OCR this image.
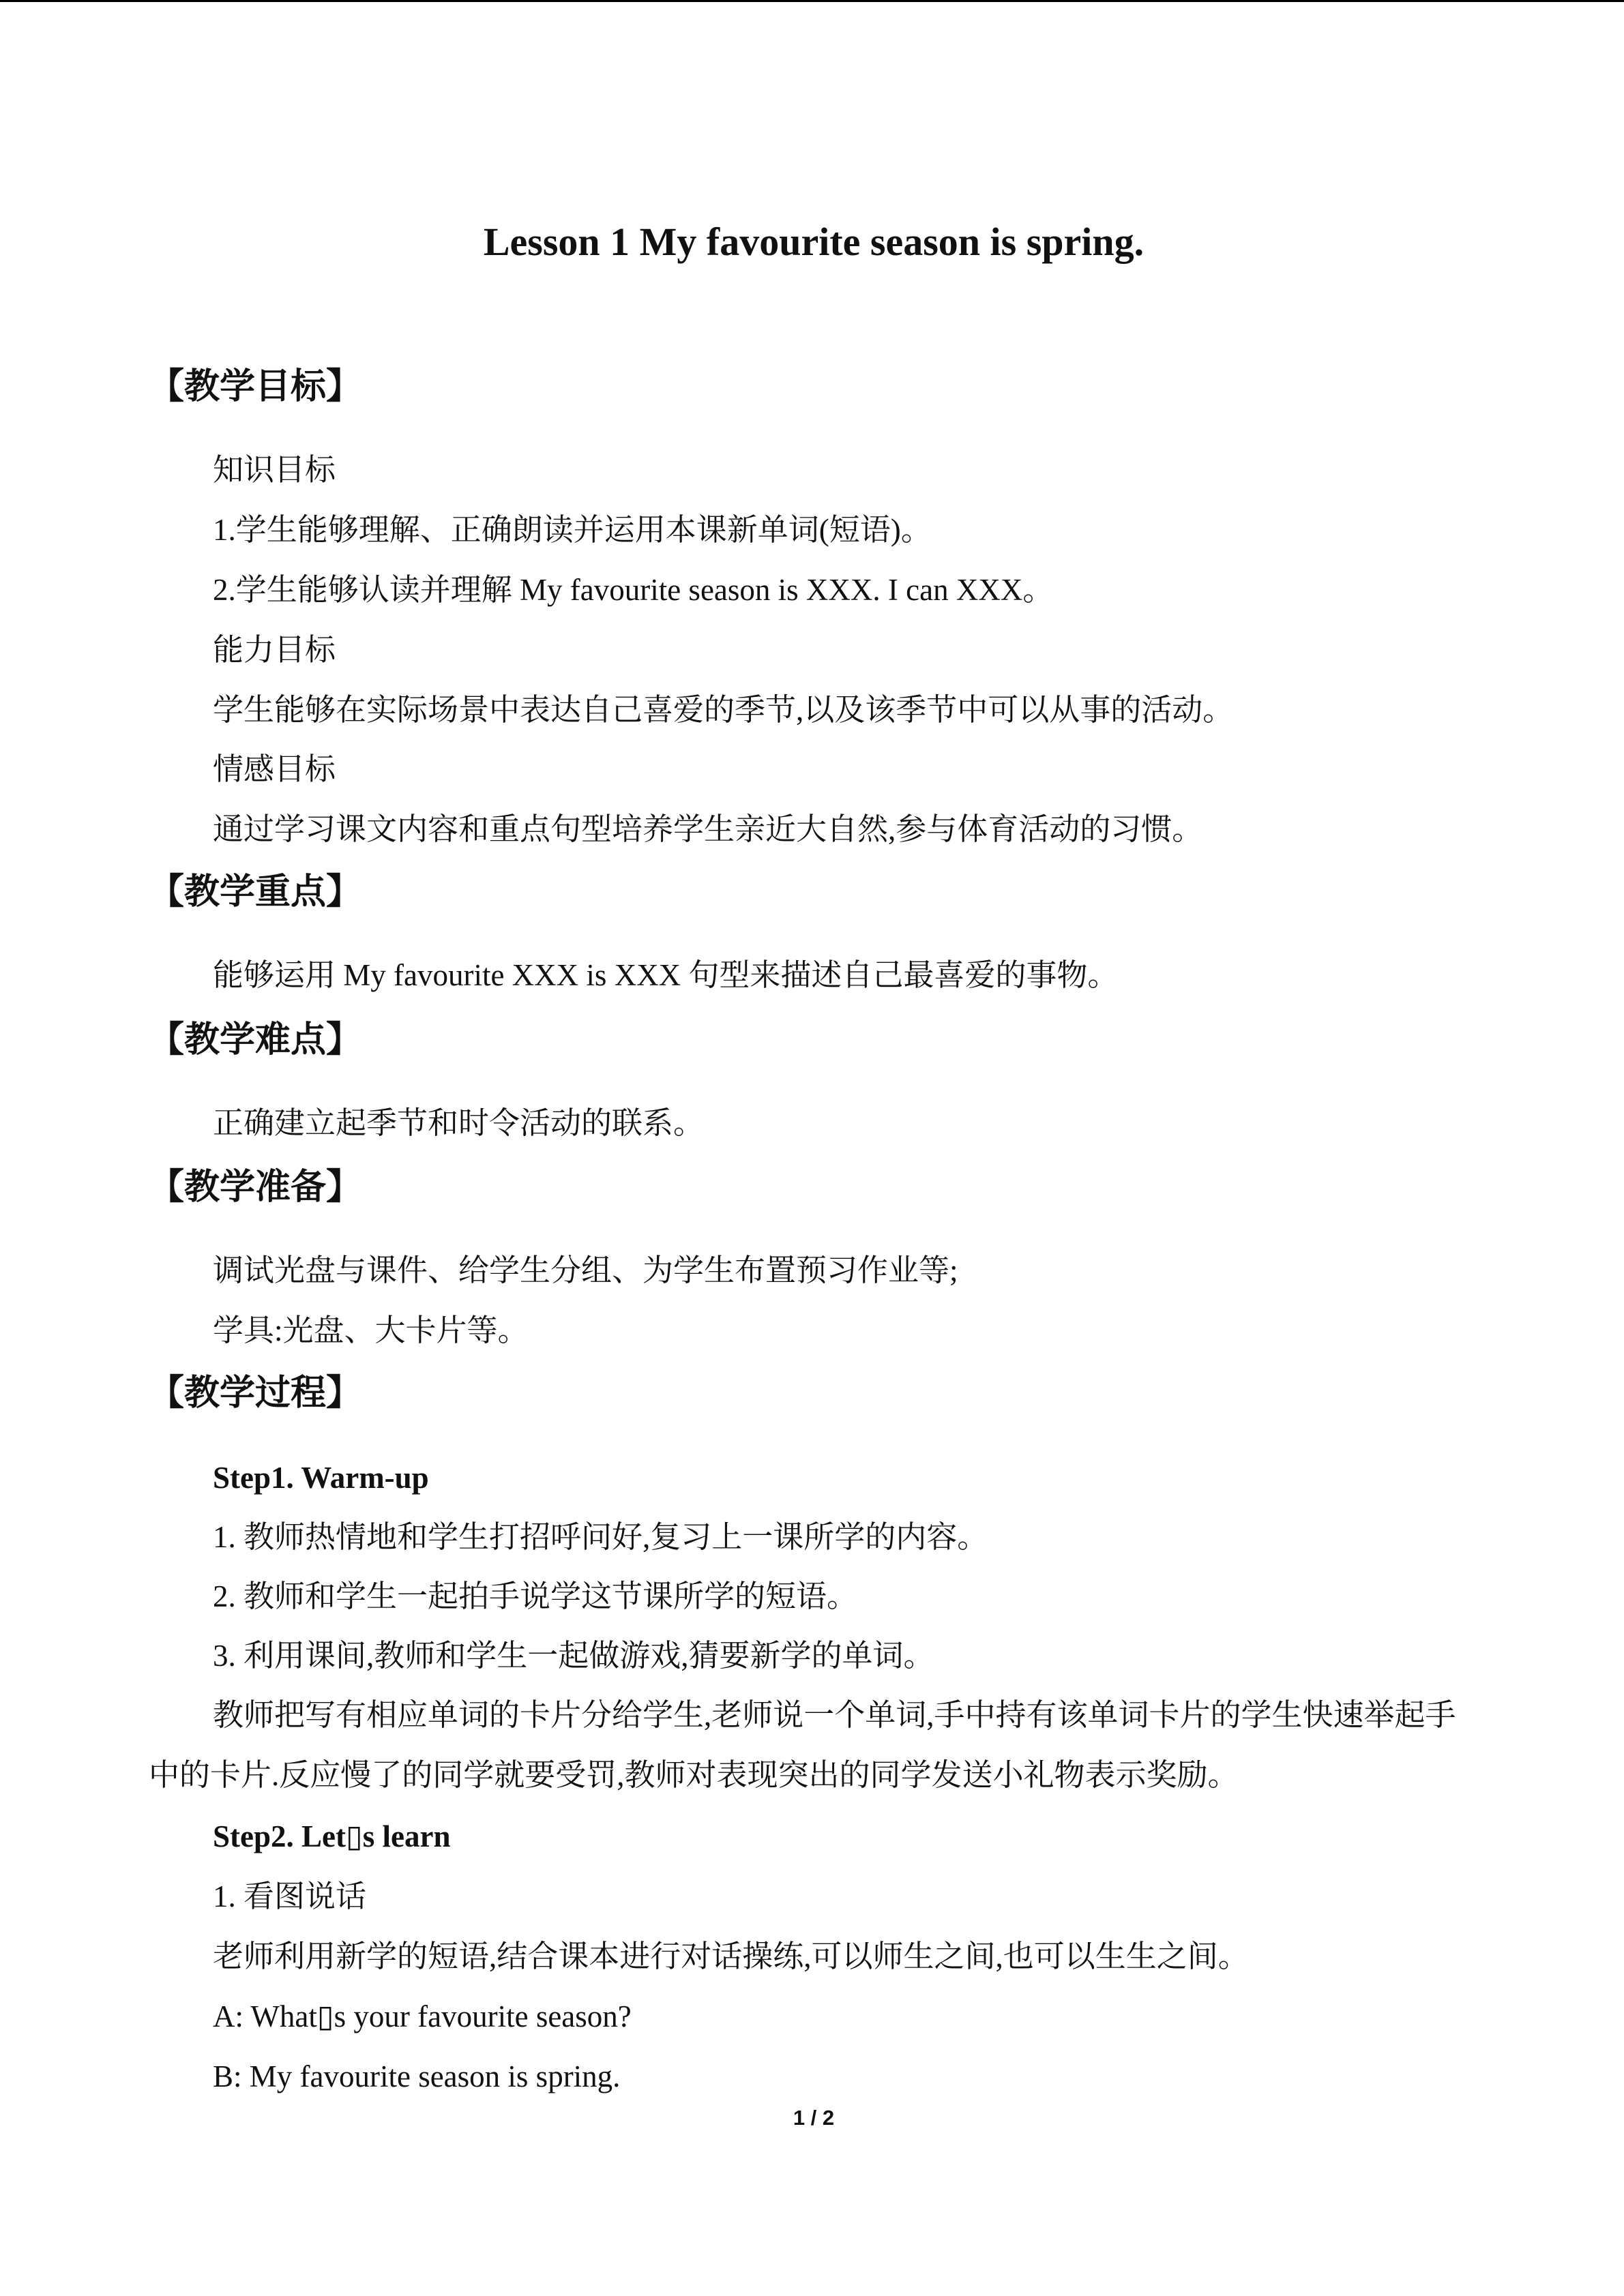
Lesson 1 My favourite season is spring.
【教学目标】
知识目标
1.学生能够理解、正确朗读并运用本课新单词(短语)。
2.学生能够认读并理解 My favourite season is XXX. I can XXX。
能力目标
学生能够在实际场景中表达自己喜爱的季节,以及该季节中可以从事的活动。
情感目标
通过学习课文内容和重点句型培养学生亲近大自然,参与体育活动的习惯。
【教学重点】
能够运用 My favourite XXX is XXX 句型来描述自己最喜爱的事物。
【教学难点】
正确建立起季节和时令活动的联系。
【教学准备】
调试光盘与课件、给学生分组、为学生布置预习作业等;
学具:光盘、大卡片等。
【教学过程】
Step1. Warm-up
1. 教师热情地和学生打招呼问好,复习上一课所学的内容。
2. 教师和学生一起拍手说学这节课所学的短语。
3. 利用课间,教师和学生一起做游戏,猜要新学的单词。

教师把写有相应单词的卡片分给学生,老师说一个单词,手中持有该单词卡片的学生快速举起手中的卡片.反应慢了的同学就要受罚,教师对表现突出的同学发送小礼物表示奖励。

Step2. Let▯s learn
1. 看图说话
老师利用新学的短语,结合课本进行对话操练,可以师生之间,也可以生生之间。
A: What▯s your favourite season?
B: My favourite season is spring.
1 / 2
